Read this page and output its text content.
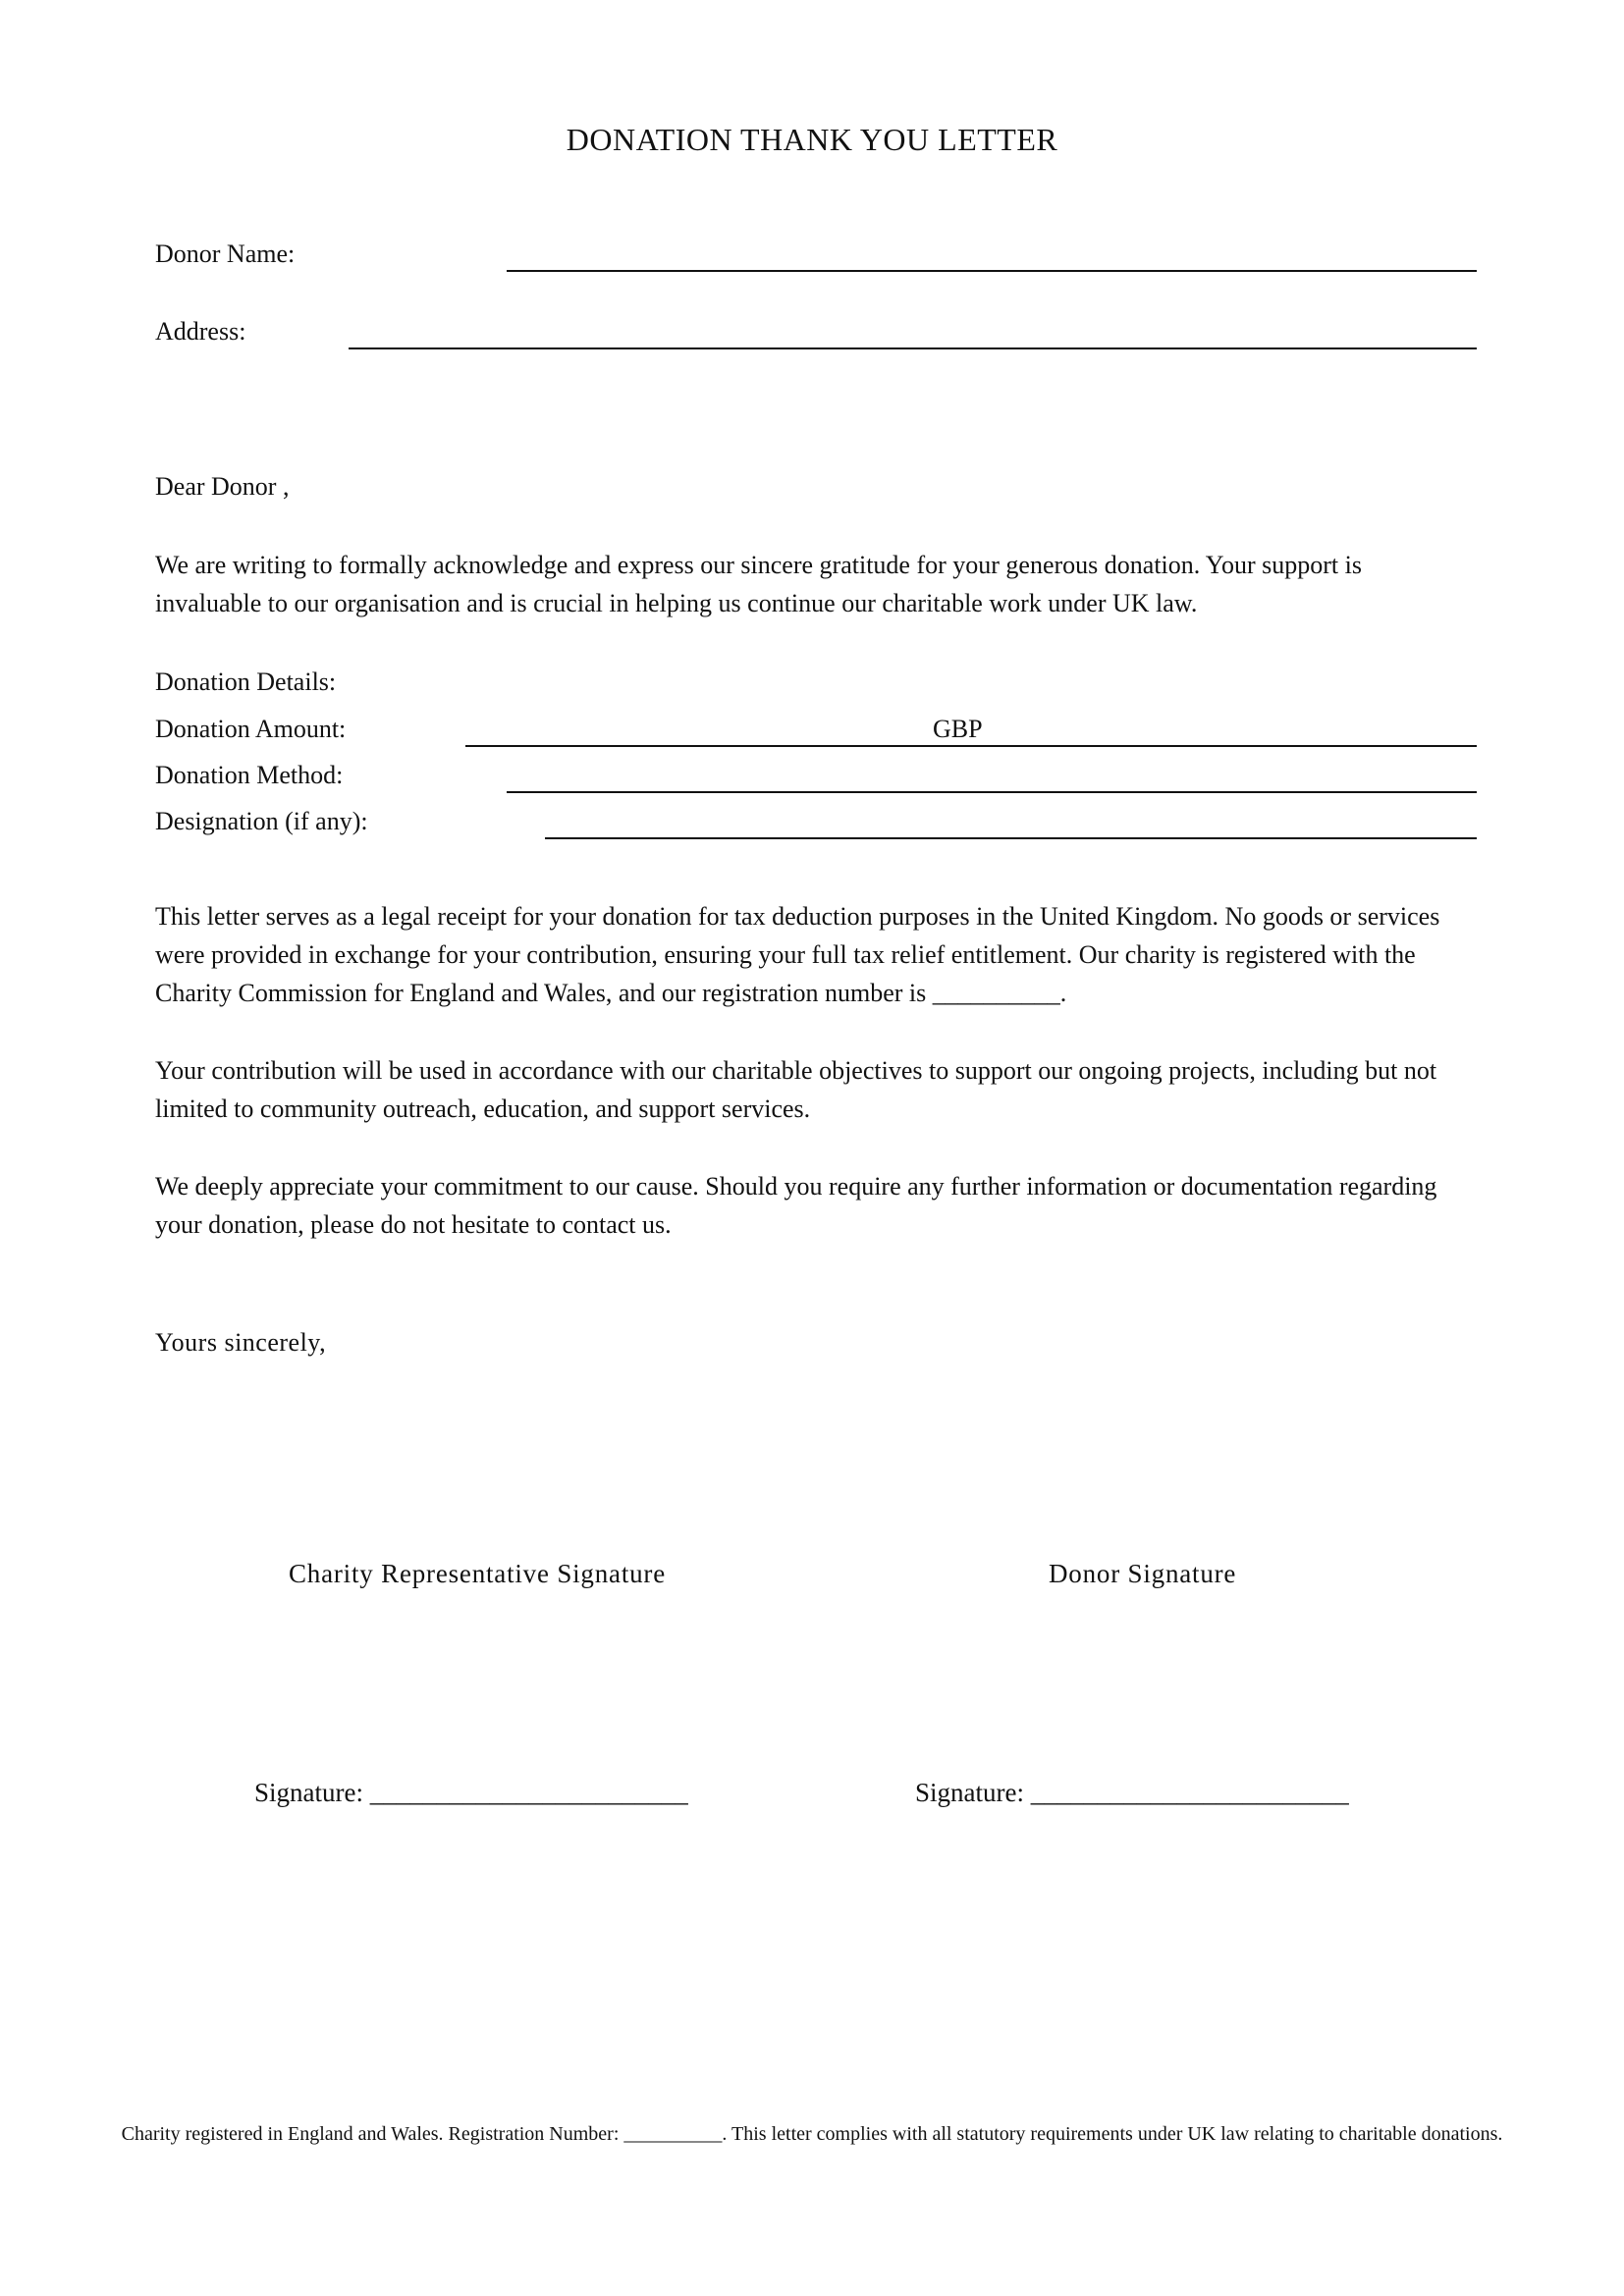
DONATION THANK YOU LETTER
Donor Name:
Address:
Dear Donor ,

We are writing to formally acknowledge and express our sincere gratitude for your generous donation. Your support is invaluable to our organisation and is crucial in helping us continue our charitable work under UK law.

Donation Details:
Donation Amount:	GBP
Donation Method:
Designation (if any):

This letter serves as a legal receipt for your donation for tax deduction purposes in the United Kingdom. No goods or services were provided in exchange for your contribution, ensuring your full tax relief entitlement. Our charity is registered with the Charity Commission for England and Wales, and our registration number is __________.

Your contribution will be used in accordance with our charitable objectives to support our ongoing projects, including but not limited to community outreach, education, and support services.

We deeply appreciate your commitment to our cause. Should you require any further information or documentation regarding your donation, please do not hesitate to contact us.

Yours sincerely,
Charity Representative Signature	Donor Signature
Signature: ________________________	Signature: ________________________
Charity registered in England and Wales. Registration Number: __________. This letter complies with all statutory requirements under UK law relating to charitable donations.
